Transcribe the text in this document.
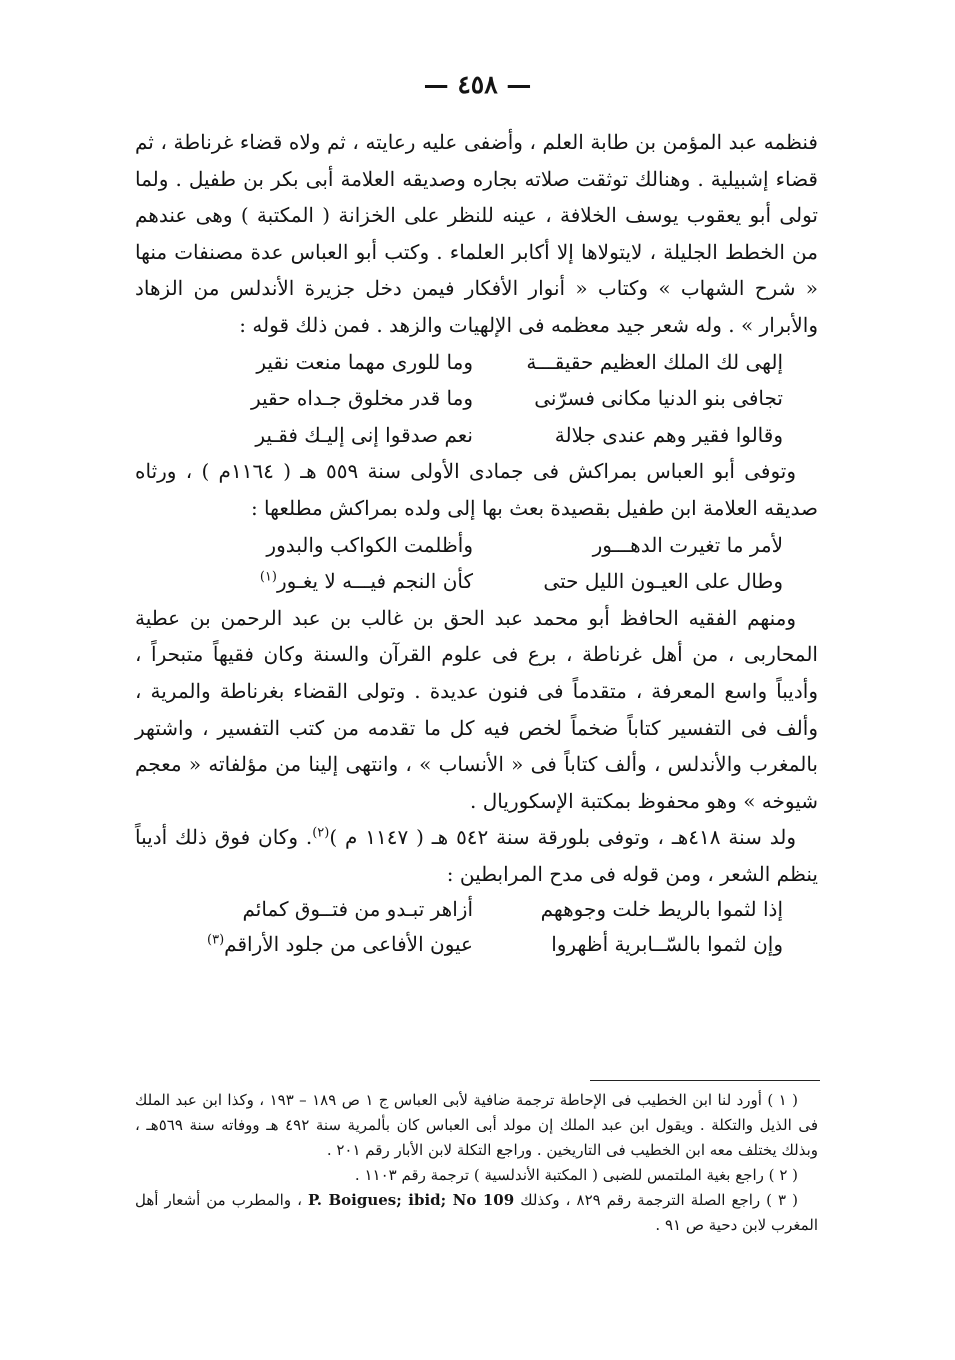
— ٤٥٨ —

فنظمه عبد المؤمن بن طابة العلم ، وأضفى عليه رعايته ، ثم ولاه قضاء غرناطة ، ثم قضاء إشبيلية . وهنالك توثقت صلاته بجاره وصديقه العلامة أبى بكر بن طفيل . ولما تولى أبو يعقوب يوسف الخلافة ، عينه للنظر على الخزانة ( المكتبة ) وهى عندهم من الخطط الجليلة ، لايتولاها إلا أكابر العلماء . وكتب أبو العباس عدة مصنفات منها « شرح الشهاب » وكتاب « أنوار الأفكار فيمن دخل جزيرة الأندلس من الزهاد والأبرار » . وله شعر جيد معظمه فى الإلهيات والزهد . فمن ذلك قوله :

إلهى لك الملك العظيم حقيقـــة
وما للورى مهما منعت نقير
تجافى بنو الدنيا مكانى فسرّنى
وما قدر مخلوق جـداه حقير
وقالوا فقير وهم عندى جلالة
نعم صدقوا إنى إليـك فقـير

وتوفى أبو العباس بمراكش فى جمادى الأولى سنة ٥٥٩ هـ ( ١١٦٤م ) ، ورثاه صديقه العلامة ابن طفيل بقصيدة بعث بها إلى ولده بمراكش مطلعها :

لأمر ما تغيرت الدهـــور
وأظلمت الكواكب والبدور
وطال على العيـون الليل حتى
كأن النجم فيـــه لا يغـور$^{(١)}$

ومنهم الفقيه الحافظ أبو محمد عبد الحق بن غالب بن عبد الرحمن بن عطية المحاربى ، من أهل غرناطة ، برع فى علوم القرآن والسنة وكان فقيهاً متبحراً ، وأديباً واسع المعرفة ، متقدماً فى فنون عديدة . وتولى القضاء بغرناطة والمرية ، وألف فى التفسير كتاباً ضخماً لخص فيه كل ما تقدمه من كتب التفسير ، واشتهر بالمغرب والأندلس ، وألف كتاباً فى « الأنساب » ، وانتهى إلينا من مؤلفاته « معجم شيوخه » وهو محفوظ بمكتبة الإسكوريال .

ولد سنة ٤١٨هـ ، وتوفى بلورقة سنة ٥٤٢ هـ ( ١١٤٧ م )$^{(٢)}$. وكان فوق ذلك أديباً ينظم الشعر ، ومن قوله فى مدح المرابطين :

إذا لثموا بالريط خلت وجوههم
أزاهر تبـدو من فتــوق كمائم
وإن لثموا بالسّــابرية أظهروا
عيون الأفاعى من جلود الأراقم$^{(٣)}$

( ١ ) أورد لنا ابن الخطيب فى الإحاطة ترجمة ضافية لأبى العباس ج ١ ص ١٨٩ – ١٩٣ ، وكذا ابن عبد الملك فى الذيل والتكلة . ويقول ابن عبد الملك إن مولد أبى العباس كان بألمرية سنة ٤٩٢ هـ ووفاته سنة ٥٦٩هـ ، وبذلك يختلف معه ابن الخطيب فى التاريخين . وراجع التكلة لابن الأبار رقم ٢٠١ .

( ٢ ) راجع بغية الملتمس للضبى ( المكتبة الأندلسية ) ترجمة رقم ١١٠٣ .

( ٣ ) راجع الصلة الترجمة رقم ٨٢٩ ، وكذلك P. Boigues; ibid; No 109 ، والمطرب من أشعار أهل المغرب لابن دحية ص ٩١ .
